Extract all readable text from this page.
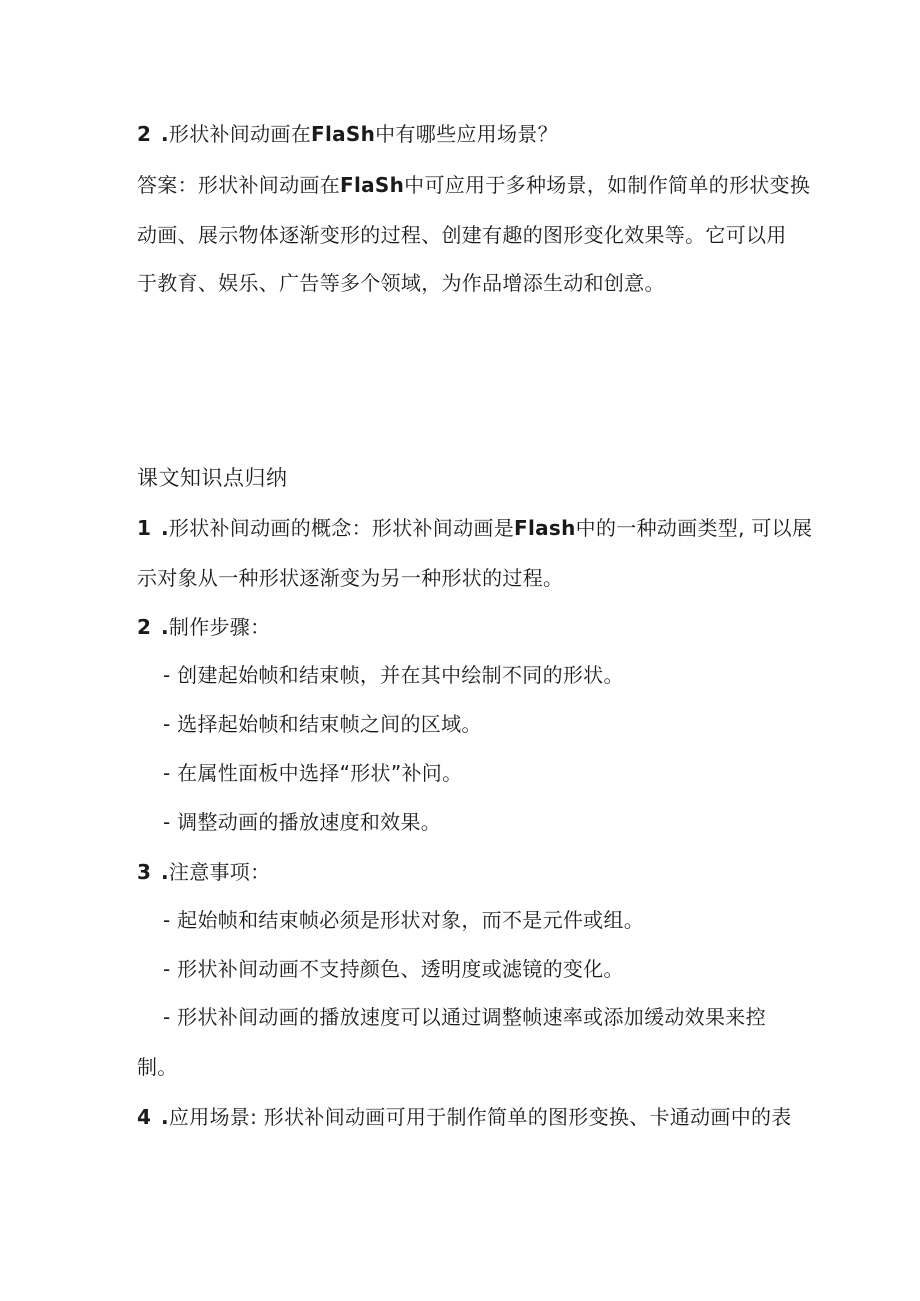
2 .形状补间动画在FlaSh中有哪些应用场景？
答案：形状补间动画在FlaSh中可应用于多种场景，如制作简单的形状变换
动画、展示物体逐渐变形的过程、创建有趣的图形变化效果等。它可以用
于教育、娱乐、广告等多个领域，为作品增添生动和创意。
课文知识点归纳
1 .形状补间动画的概念：形状补间动画是Flash中的一种动画类型, 可以展
示对象从一种形状逐渐变为另一种形状的过程。
2 .制作步骤：
- 创建起始帧和结束帧，并在其中绘制不同的形状。
- 选择起始帧和结束帧之间的区域。
- 在属性面板中选择“形状”补问。
- 调整动画的播放速度和效果。
3 .注意事项：
- 起始帧和结束帧必须是形状对象，而不是元件或组。
- 形状补间动画不支持颜色、透明度或滤镜的变化。
- 形状补间动画的播放速度可以通过调整帧速率或添加缓动效果来控
制。
4 .应用场景: 形状补间动画可用于制作简单的图形变换、卡通动画中的表
